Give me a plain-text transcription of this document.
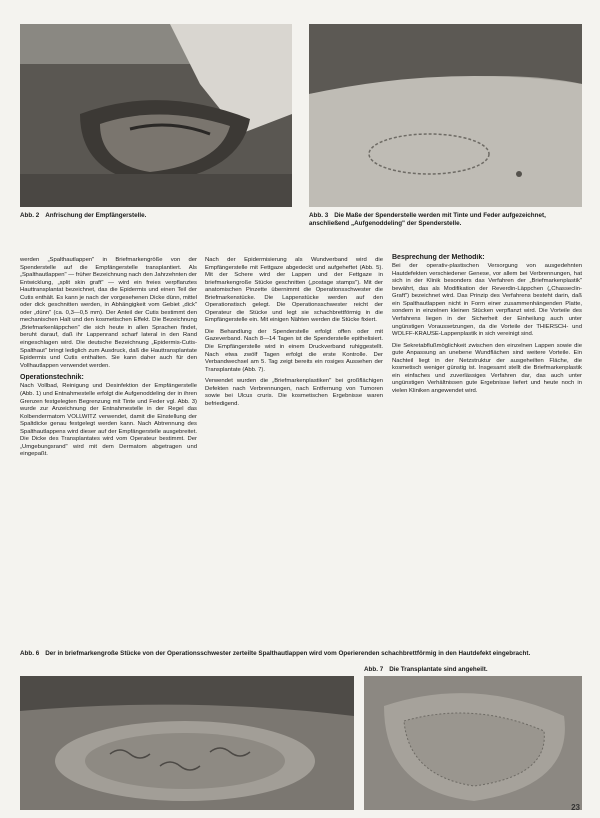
Abb. 2 Anfrischung der Empfängerstelle.	Abb. 3 Die Maße der Spenderstelle werden mit Tinte und Feder aufgezeichnet, anschließend „Aufgenoddeling" der Spenderstelle.

werden „Spalthautlappen" in Briefmarkengröße von der Spenderstelle auf die Empfängerstelle transplantiert. Als „Spalthautlappen" — früher Bezeichnung nach den Jahrzehnten der Entwicklung, „split skin graft" — wird ein freies verpflanztes Hauttransplantat bezeichnet, das die Epidermis und einen Teil der Cutis enthält. Es kann je nach der vorgesehenen Dicke dünn, mittel oder dick geschnitten werden, in Abhängigkeit vom Gebiet „dick" oder „dünn" (ca. 0,3—0,5 mm). Der Anteil der Cutis bestimmt den mechanischen Halt und den kosmetischen Effekt. Die Bezeichnung „Briefmarkenläppchen" die sich heute in allen Sprachen findet, beruht darauf, daß ihr Lappenrand scharf lateral in den Rand eingeschlagen wird. Die deutsche Bezeichnung „Epidermis-Cutis-Spalthaut" bringt lediglich zum Ausdruck, daß die Hauttransplantate Epidermis und Cutis enthalten. Sie kann daher auch für den Vollhautlappen verwendet werden.

Operationstechnik:

Nach Vollbad, Reinigung und Desinfektion der Empfängerstelle (Abb. 1) und Entnahmestelle erfolgt die Aufgenoddeling der in ihren Grenzen festgelegten Begrenzung mit Tinte und Feder vgl. Abb. 3) wurde zur Anzeichnung der Entnahmestelle in der Regel das Kolbendermatom VOLLWITZ verwendet, damit die Einstellung der Spaltdicke genau festgelegt werden kann. Nach Abtrennung des Spalthautlappens wird dieser auf der Empfängerstelle ausgebreitet. Die Dicke des Transplantates wird vom Operateur bestimmt. Der „Umgebungsrand" wird mit dem Dermatom abgetragen und eingepaßt.

Nach der Epidermisierung als Wundverband wird die Empfängerstelle mit Fettgaze abgedeckt und aufgeheftet (Abb. 5). Mit der Schere wird der Lappen und der Fettgaze in briefmarkengroße Stücke geschnitten („postage stamps"). Mit der anatomischen Pinzette übernimmt die Operationsschwester die Briefmarkenstücke. Die Lappenstücke werden auf den Operationstisch gelegt. Die Operationsschwester reicht der Operateur die Stücke und legt sie schachbrettförmig in die Empfängerstelle ein. Mit einigen Nähten werden die Stücke fixiert.

Die Behandlung der Spenderstelle erfolgt offen oder mit Gazeverband. Nach 8—14 Tagen ist die Spenderstelle epithelisiert. Die Empfängerstelle wird in einem Druckverband ruhiggestellt. Nach etwa zwölf Tagen erfolgt die erste Kontrolle. Der Verbandwechsel am 5. Tag zeigt bereits ein rosiges Aussehen der Transplantate (Abb. 7).

Verwendet wurden die „Briefmarkenplastiken" bei großflächigen Defekten nach Verbrennungen, nach Entfernung von Tumoren sowie bei Ulcus cruris. Die kosmetischen Ergebnisse waren befriedigend.

Besprechung der Methodik:

Bei der operativ-plastischen Versorgung von ausgedehnten Hautdefekten verschiedener Genese, vor allem bei Verbrennungen, hat sich in der Klinik besonders das Verfahren der „Briefmarkenplastik" bewährt, das als Modifikation der Reverdin-Läppchen („Chasseclin-Graft") bezeichnet wird. Das Prinzip des Verfahrens besteht darin, daß ein Spalthautlappen nicht in Form einer zusammenhängenden Platte, sondern in einzelnen kleinen Stücken verpflanzt wird. Die Vorteile des Verfahrens liegen in der Sicherheit der Einheilung auch unter ungünstigen Voraussetzungen, da die Vorteile der THIERSCH- und WOLFF-KRAUSE-Lappenplastik in sich vereinigt sind.

Die Sekretabflußmöglichkeit zwischen den einzelnen Lappen sowie die gute Anpassung an unebene Wundflächen sind weitere Vorteile. Ein Nachteil liegt in der Netzstruktur der ausgeheilten Fläche, die kosmetisch weniger günstig ist. Insgesamt stellt die Briefmarkenplastik ein einfaches und zuverlässiges Verfahren dar, das auch unter ungünstigen Verhältnissen gute Ergebnisse liefert und heute noch in vielen Kliniken angewendet wird.

Abb. 6 Der in briefmarkengroße Stücke von der Operationsschwester zerteilte Spalthautlappen wird vom Operierenden schachbrettförmig in den Hautdefekt eingebracht.
Abb. 7 Die Transplantate sind angeheilt.
23
